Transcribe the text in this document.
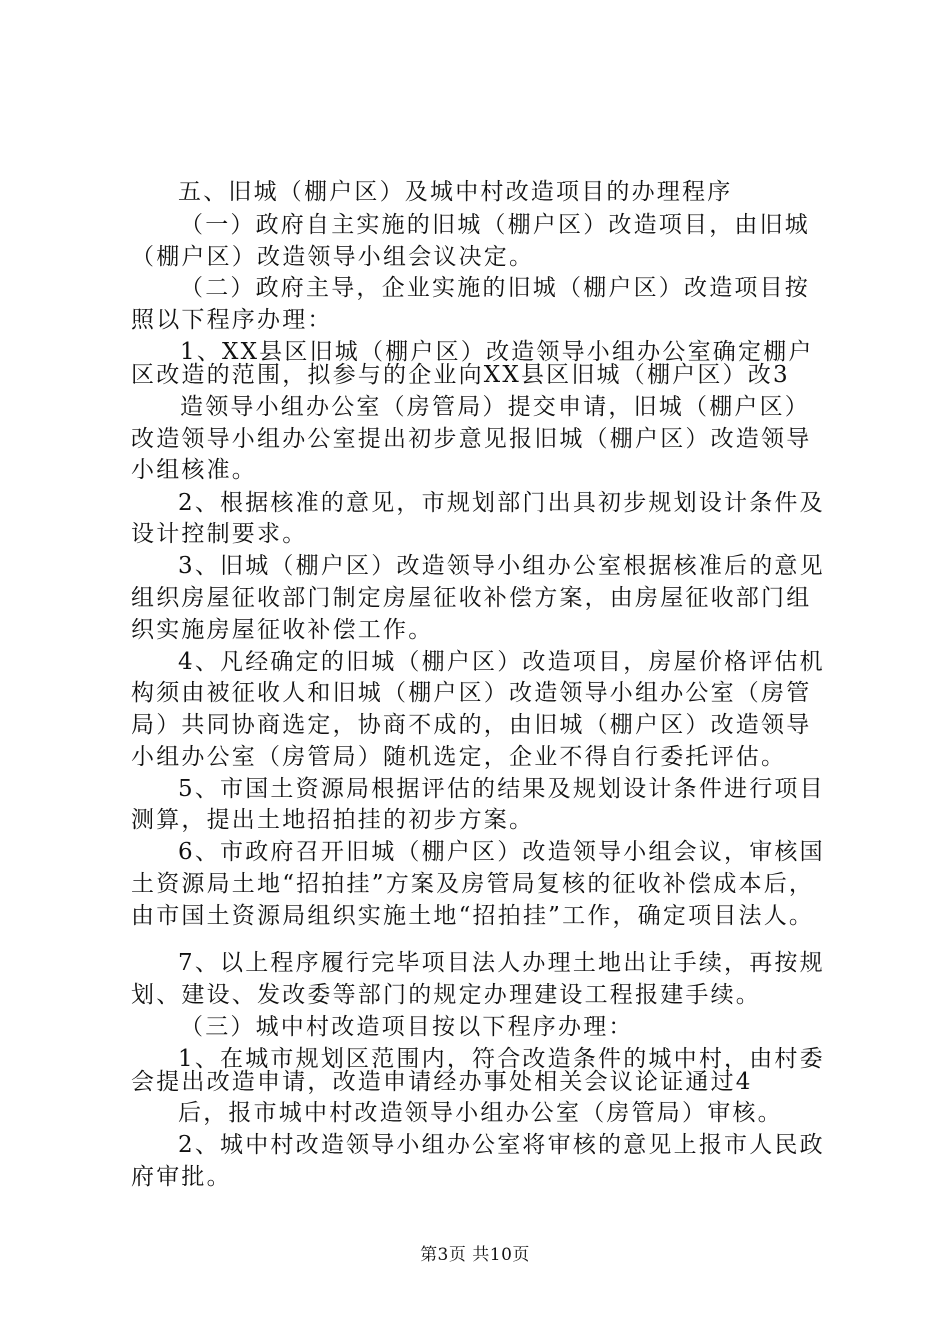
五、旧城（棚户区）及城中村改造项目的办理程序
（一）政府自主实施的旧城（棚户区）改造项目，由旧城
（棚户区）改造领导小组会议决定。
（二）政府主导，企业实施的旧城（棚户区）改造项目按
照以下程序办理：
1、XX县区旧城（棚户区）改造领导小组办公室确定棚户
区改造的范围，拟参与的企业向XX县区旧城（棚户区）改3
造领导小组办公室（房管局）提交申请，旧城（棚户区）
改造领导小组办公室提出初步意见报旧城（棚户区）改造领导
小组核准。
2、根据核准的意见，市规划部门出具初步规划设计条件及
设计控制要求。
3、旧城（棚户区）改造领导小组办公室根据核准后的意见
组织房屋征收部门制定房屋征收补偿方案，由房屋征收部门组
织实施房屋征收补偿工作。
4、凡经确定的旧城（棚户区）改造项目，房屋价格评估机
构须由被征收人和旧城（棚户区）改造领导小组办公室（房管
局）共同协商选定，协商不成的，由旧城（棚户区）改造领导
小组办公室（房管局）随机选定，企业不得自行委托评估。
5、市国土资源局根据评估的结果及规划设计条件进行项目
测算，提出土地招拍挂的初步方案。
6、市政府召开旧城（棚户区）改造领导小组会议，审核国
土资源局土地“招拍挂”方案及房管局复核的征收补偿成本后，
由市国土资源局组织实施土地“招拍挂”工作，确定项目法人。
7、以上程序履行完毕项目法人办理土地出让手续，再按规
划、建设、发改委等部门的规定办理建设工程报建手续。
（三）城中村改造项目按以下程序办理：
1、在城市规划区范围内，符合改造条件的城中村，由村委
会提出改造申请，改造申请经办事处相关会议论证通过4
后，报市城中村改造领导小组办公室（房管局）审核。
2、城中村改造领导小组办公室将审核的意见上报市人民政
府审批。
第3页 共10页
